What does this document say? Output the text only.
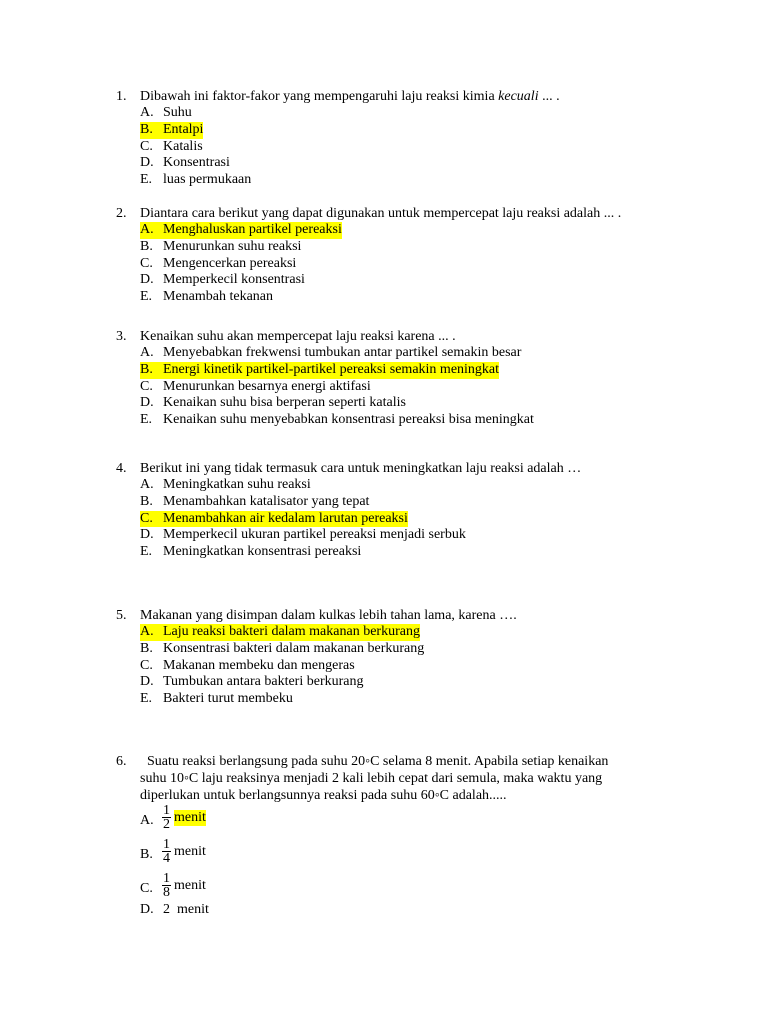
1. Dibawah ini faktor-fakor yang mempengaruhi laju reaksi kimia kecuali ... .
A. Suhu
B. Entalpi
C. Katalis
D. Konsentrasi
E. luas permukaan
2. Diantara cara berikut yang dapat digunakan untuk mempercepat laju reaksi adalah ... .
A. Menghaluskan partikel pereaksi
B. Menurunkan suhu reaksi
C. Mengencerkan pereaksi
D. Memperkecil konsentrasi
E. Menambah tekanan
3. Kenaikan suhu akan mempercepat laju reaksi karena ... .
A. Menyebabkan frekwensi tumbukan antar partikel semakin besar
B. Energi kinetik partikel-partikel pereaksi semakin meningkat
C. Menurunkan besarnya energi aktifasi
D. Kenaikan suhu bisa berperan seperti katalis
E. Kenaikan suhu menyebabkan konsentrasi pereaksi bisa meningkat
4. Berikut ini yang tidak termasuk cara untuk meningkatkan laju reaksi adalah …
A. Meningkatkan suhu reaksi
B. Menambahkan katalisator yang tepat
C. Menambahkan air kedalam larutan pereaksi
D. Memperkecil ukuran partikel pereaksi menjadi serbuk
E. Meningkatkan konsentrasi pereaksi
5. Makanan yang disimpan dalam kulkas lebih tahan lama, karena ….
A. Laju reaksi bakteri dalam makanan berkurang
B. Konsentrasi bakteri dalam makanan berkurang
C. Makanan membeku dan mengeras
D. Tumbukan antara bakteri berkurang
E. Bakteri turut membeku
6. Suatu reaksi berlangsung pada suhu 20◦C selama 8 menit. Apabila setiap kenaikan
suhu 10◦C laju reaksinya menjadi 2 kali lebih cepat dari semula, maka waktu yang
diperlukan untuk berlangsunnya reaksi pada suhu 60◦C adalah.....
A. $\frac{1}{2}$ menit
B. $\frac{1}{4}$ menit
C. $\frac{1}{8}$ menit
D. 2 menit
